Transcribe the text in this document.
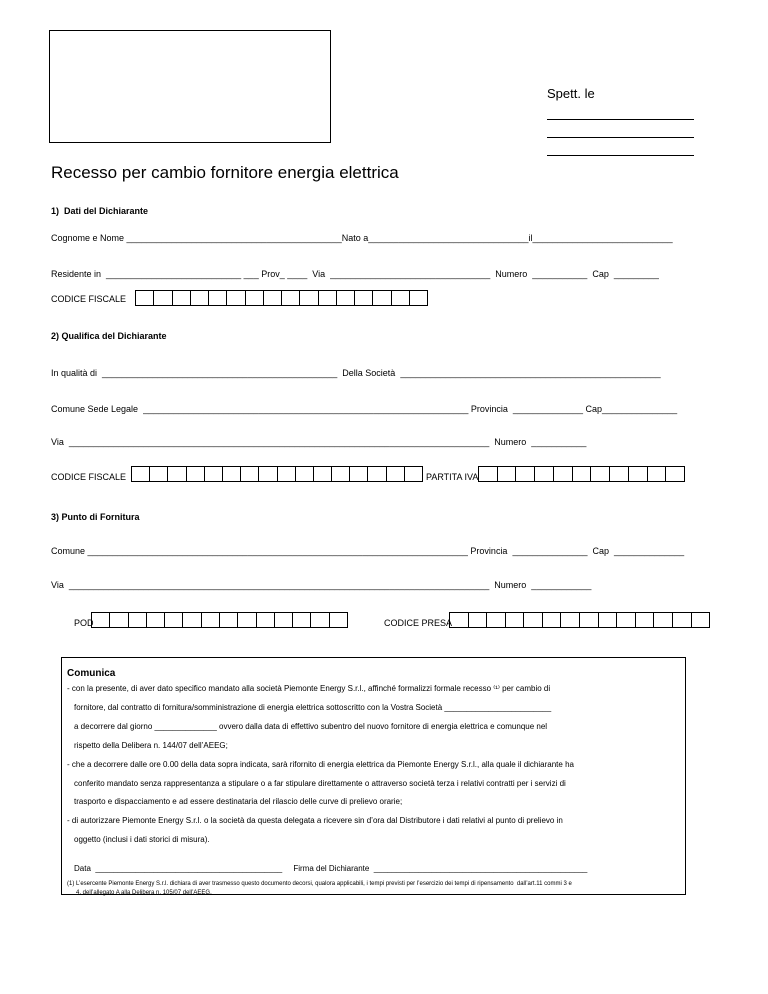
Spett. le
Recesso per cambio fornitore energia elettrica
1)  Dati del Dichiarante
Cognome e Nome ___________________________________________Nato a________________________________il____________________________
Residente in  ___________________________ ___ Prov_ ____  Via  ________________________________  Numero  ___________  Cap  _________
CODICE FISCALE
2) Qualifica del Dichiarante
In qualità di  _______________________________________________  Della Società  ____________________________________________________
Comune Sede Legale  _________________________________________________________________ Provincia  ______________ Cap_______________
Via  ____________________________________________________________________________________  Numero  ___________
CODICE FISCALE	PARTITA IVA
3) Punto di Fornitura
Comune ____________________________________________________________________________ Provincia  _______________  Cap  ______________
Via  ____________________________________________________________________________________  Numero  ____________
POD	CODICE PRESA
Comunica
- con la presente, di aver dato specifico mandato alla società Piemonte Energy S.r.l., affinché formalizzi formale recesso ⁽¹⁾ per cambio di
fornitore, dal contratto di fornitura/somministrazione di energia elettrica sottoscritto con la Vostra Società ________________________
a decorrere dal giorno ______________ ovvero dalla data di effettivo subentro del nuovo fornitore di energia elettrica e comunque nel
rispetto della Delibera n. 144/07 dell’AEEG;
- che a decorrere dalle ore 0.00 della data sopra indicata, sarà rifornito di energia elettrica da Piemonte Energy S.r.l., alla quale il dichiarante ha
conferito mandato senza rappresentanza a stipulare o a far stipulare direttamente o attraverso società terza i relativi contratti per i servizi di
trasporto e dispacciamento e ad essere destinataria del rilascio delle curve di prelievo orarie;
- di autorizzare Piemonte Energy S.r.l. o la società da questa delegata a ricevere sin d’ora dal Distributore i dati relativi al punto di prelievo in
oggetto (inclusi i dati storici di misura).
Data  __________________________________________     Firma del Dichiarante  ________________________________________________
(1) L’esercente Piemonte Energy S.r.l. dichiara di aver trasmesso questo documento decorsi, qualora applicabili, i tempi previsti per l’esercizio dei tempi di ripensamento  dall’art.11 commi 3 e
4, dell’allegato A alla Delibera n. 105/07 dell’AEEG.
